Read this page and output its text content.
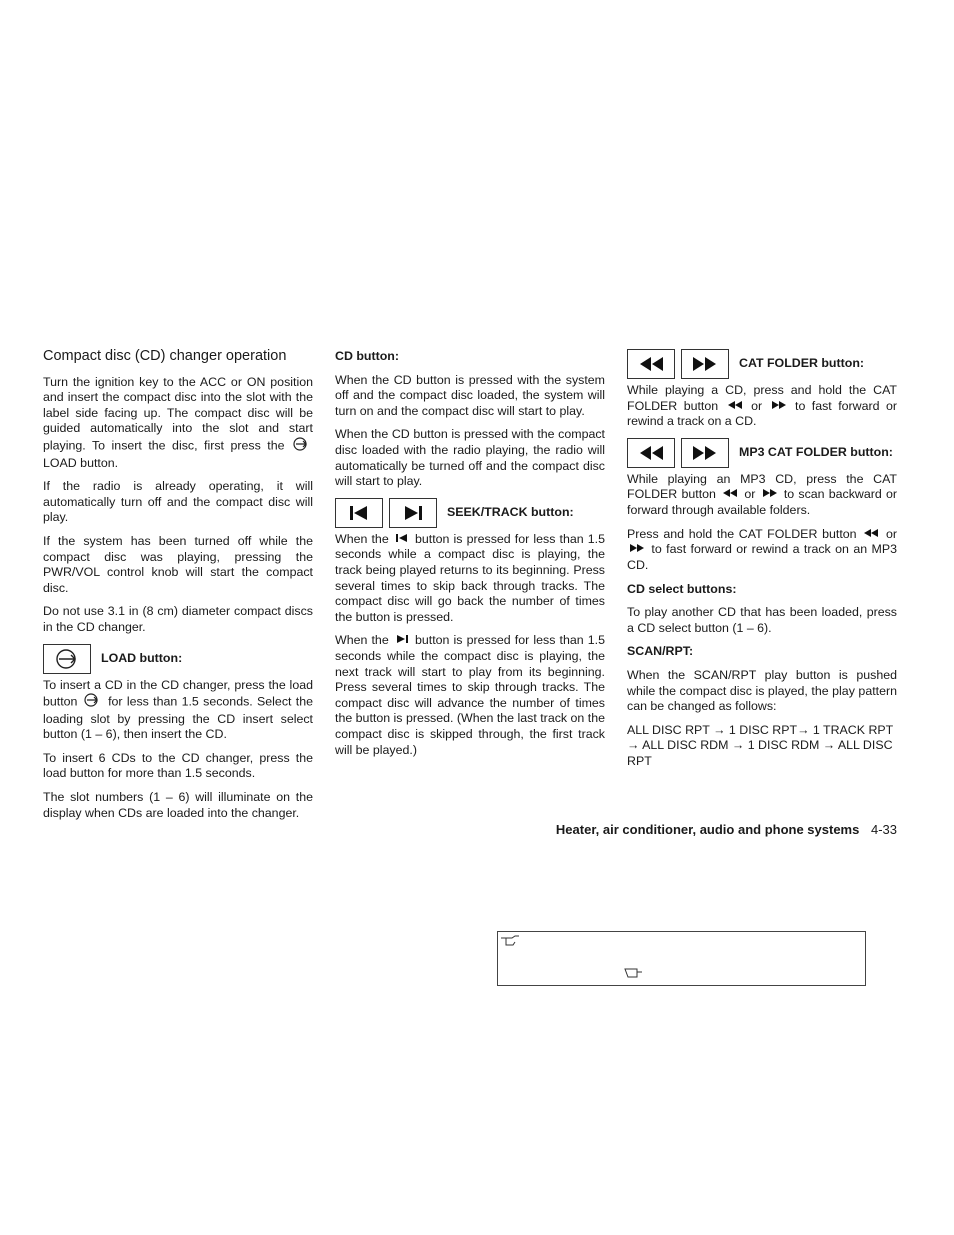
Compact disc (CD) changer operation

Turn the ignition key to the ACC or ON position and insert the compact disc into the slot with the label side facing up. The compact disc will be guided automatically into the slot and start playing. To insert the disc, first press the  LOAD button.

If the radio is already operating, it will automatically turn off and the compact disc will play.

If the system has been turned off while the compact disc was playing, pressing the PWR/VOL control knob will start the compact disc.

Do not use 3.1 in (8 cm) diameter compact discs in the CD changer.

LOAD button:

To insert a CD in the CD changer, press the load button for less than 1.5 seconds. Select the loading slot by pressing the CD insert select button (1 – 6), then insert the CD.

To insert 6 CDs to the CD changer, press the load button for more than 1.5 seconds.

The slot numbers (1 – 6) will illuminate on the display when CDs are loaded into the changer.

CD button:

When the CD button is pressed with the system off and the compact disc loaded, the system will turn on and the compact disc will start to play.

When the CD button is pressed with the compact disc loaded with the radio playing, the radio will automatically be turned off and the compact disc will start to play.

SEEK/TRACK button:

When the button is pressed for less than 1.5 seconds while a compact disc is playing, the track being played returns to its beginning. Press several times to skip back through tracks. The compact disc will go back the number of times the button is pressed.

When the button is pressed for less than 1.5 seconds while the compact disc is playing, the next track will start to play from its beginning. Press several times to skip through tracks. The compact disc will advance the number of times the button is pressed. (When the last track on the compact disc is skipped through, the first track will be played.)

CAT FOLDER button:

While playing a CD, press and hold the CAT FOLDER button	or	to fast forward or rewind a track on a CD.

MP3 CAT FOLDER button:

While playing an MP3 CD, press the CAT FOLDER button or to scan backward or forward through available folders.

Press and hold the CAT FOLDER button or  to fast forward or rewind a track on an MP3 CD.

CD select buttons:

To play another CD that has been loaded, press a CD select button (1 – 6).

SCAN/RPT:

When the SCAN/RPT play button is pushed while the compact disc is played, the play pattern can be changed as follows:

ALL DISC RPT → 1 DISC RPT→ 1 TRACK RPT → ALL DISC RDM → 1 DISC RDM → ALL DISC RPT

Heater, air conditioner, audio and phone systems 4-33
